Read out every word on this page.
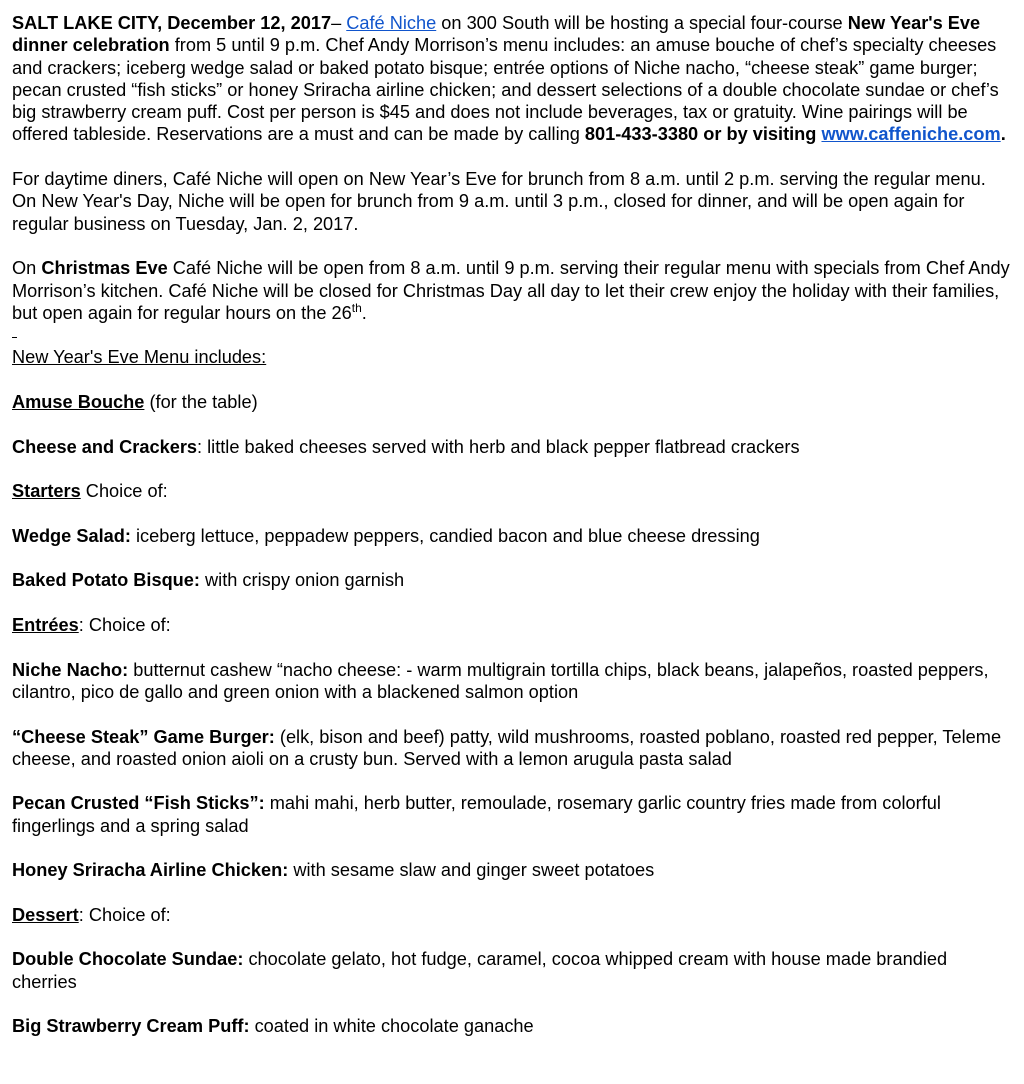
SALT LAKE CITY, December 12, 2017– Café Niche on 300 South will be hosting a special four-course New Year's Eve dinner celebration from 5 until 9 p.m. Chef Andy Morrison’s menu includes: an amuse bouche of chef’s specialty cheeses and crackers; iceberg wedge salad or baked potato bisque; entrée options of Niche nacho, “cheese steak” game burger; pecan crusted “fish sticks” or honey Sriracha airline chicken; and dessert selections of a double chocolate sundae or chef’s big strawberry cream puff. Cost per person is $45 and does not include beverages, tax or gratuity. Wine pairings will be offered tableside. Reservations are a must and can be made by calling 801-433-3380 or by visiting www.caffeniche.com.

For daytime diners, Café Niche will open on New Year’s Eve for brunch from 8 a.m. until 2 p.m. serving the regular menu. On New Year's Day, Niche will be open for brunch from 9 a.m. until 3 p.m., closed for dinner, and will be open again for regular business on Tuesday, Jan. 2, 2017.

On Christmas Eve Café Niche will be open from 8 a.m. until 9 p.m. serving their regular menu with specials from Chef Andy Morrison’s kitchen. Café Niche will be closed for Christmas Day all day to let their crew enjoy the holiday with their families, but open again for regular hours on the 26th.

New Year's Eve Menu includes:

Amuse Bouche (for the table)

Cheese and Crackers: little baked cheeses served with herb and black pepper flatbread crackers

Starters Choice of:

Wedge Salad: iceberg lettuce, peppadew peppers, candied bacon and blue cheese dressing

Baked Potato Bisque: with crispy onion garnish

Entrées: Choice of:

Niche Nacho: butternut cashew “nacho cheese: - warm multigrain tortilla chips, black beans, jalapeños, roasted peppers, cilantro, pico de gallo and green onion with a blackened salmon option

“Cheese Steak” Game Burger: (elk, bison and beef) patty, wild mushrooms, roasted poblano, roasted red pepper, Teleme cheese, and roasted onion aioli on a crusty bun. Served with a lemon arugula pasta salad

Pecan Crusted “Fish Sticks”: mahi mahi, herb butter, remoulade, rosemary garlic country fries made from colorful fingerlings and a spring salad

Honey Sriracha Airline Chicken: with sesame slaw and ginger sweet potatoes

Dessert: Choice of:

Double Chocolate Sundae: chocolate gelato, hot fudge, caramel, cocoa whipped cream with house made brandied cherries

Big Strawberry Cream Puff: coated in white chocolate ganache
